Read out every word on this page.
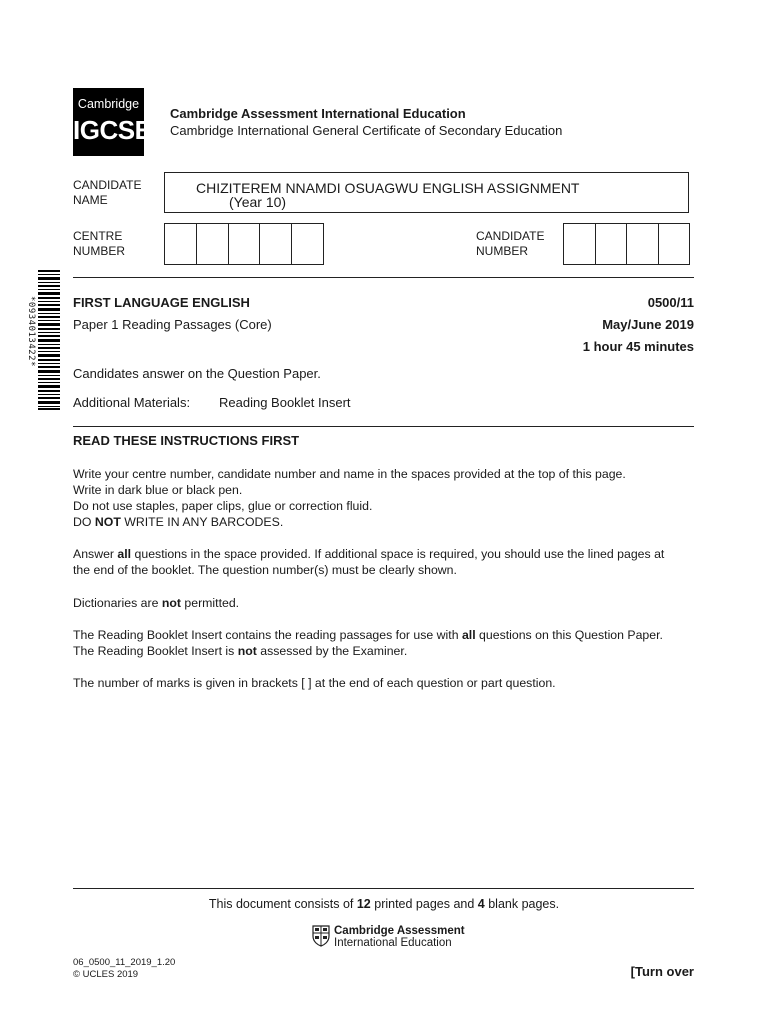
Cambridge
IGCSE
Cambridge Assessment International Education
Cambridge International General Certificate of Secondary Education
CANDIDATE
NAME
CHIZITEREM NNAMDI OSUAGWU ENGLISH ASSIGNMENT
(Year 10)
CENTRE
NUMBER
CANDIDATE
NUMBER
*0934013422*	FIRST LANGUAGE ENGLISH
Paper 1 Reading Passages (Core)
0500/11
May/June 2019
1 hour 45 minutes
Candidates answer on the Question Paper.
Additional Materials: Reading Booklet Insert
READ THESE INSTRUCTIONS FIRST
Write your centre number, candidate number and name in the spaces provided at the top of this page.
Write in dark blue or black pen.
Do not use staples, paper clips, glue or correction fluid.
DO NOT WRITE IN ANY BARCODES.
Answer all questions in the space provided. If additional space is required, you should use the lined pages at
the end of the booklet. The question number(s) must be clearly shown.
Dictionaries are not permitted.
The Reading Booklet Insert contains the reading passages for use with all questions on this Question Paper.
The Reading Booklet Insert is not assessed by the Examiner.
The number of marks is given in brackets [ ] at the end of each question or part question.
This document consists of 12 printed pages and 4 blank pages.
Cambridge Assessment
International Education
06_0500_11_2019_1.20
© UCLES 2019	[Turn over
